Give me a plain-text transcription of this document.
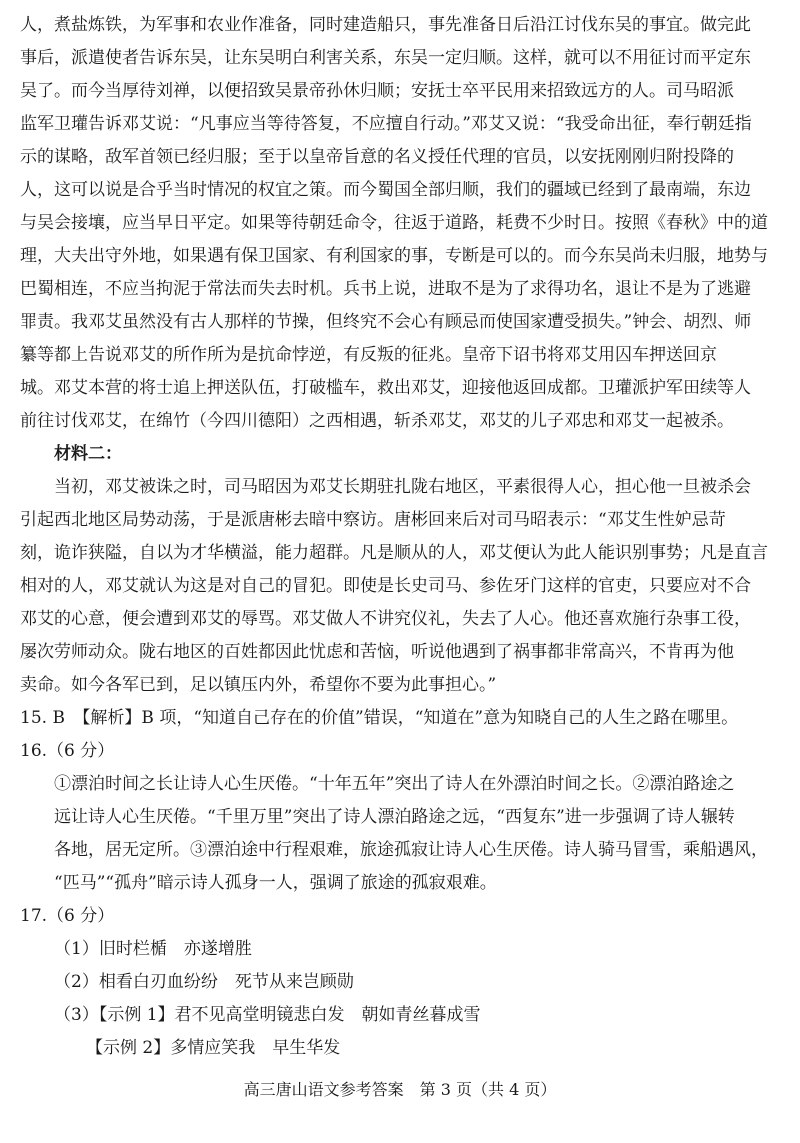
人，煮盐炼铁，为军事和农业作准备，同时建造船只，事先准备日后沿江讨伐东吴的事宜。做完此
事后，派遣使者告诉东吴，让东吴明白利害关系，东吴一定归顺。这样，就可以不用征讨而平定东
吴了。而今当厚待刘禅，以便招致吴景帝孙休归顺；安抚士卒平民用来招致远方的人。司马昭派
监军卫瓘告诉邓艾说：“凡事应当等待答复，不应擅自行动。”邓艾又说：“我受命出征，奉行朝廷指
示的谋略，敌军首领已经归服；至于以皇帝旨意的名义授任代理的官员，以安抚刚刚归附投降的
人，这可以说是合乎当时情况的权宜之策。而今蜀国全部归顺，我们的疆域已经到了最南端，东边
与吴会接壤，应当早日平定。如果等待朝廷命令，往返于道路，耗费不少时日。按照《春秋》中的道
理，大夫出守外地，如果遇有保卫国家、有利国家的事，专断是可以的。而今东吴尚未归服，地势与
巴蜀相连，不应当拘泥于常法而失去时机。兵书上说，进取不是为了求得功名，退让不是为了逃避
罪责。我邓艾虽然没有古人那样的节操，但终究不会心有顾忌而使国家遭受损失。”钟会、胡烈、师
纂等都上告说邓艾的所作所为是抗命悖逆，有反叛的征兆。皇帝下诏书将邓艾用囚车押送回京
城。邓艾本营的将士追上押送队伍，打破槛车，救出邓艾，迎接他返回成都。卫瓘派护军田续等人
前往讨伐邓艾，在绵竹（今四川德阳）之西相遇，斩杀邓艾，邓艾的儿子邓忠和邓艾一起被杀。
材料二：
当初，邓艾被诛之时，司马昭因为邓艾长期驻扎陇右地区，平素很得人心，担心他一旦被杀会
引起西北地区局势动荡，于是派唐彬去暗中察访。唐彬回来后对司马昭表示：“邓艾生性妒忌苛
刻，诡诈狭隘，自以为才华横溢，能力超群。凡是顺从的人，邓艾便认为此人能识别事势；凡是直言
相对的人，邓艾就认为这是对自己的冒犯。即使是长史司马、参佐牙门这样的官吏，只要应对不合
邓艾的心意，便会遭到邓艾的辱骂。邓艾做人不讲究仪礼，失去了人心。他还喜欢施行杂事工役，
屡次劳师动众。陇右地区的百姓都因此忧虑和苦恼，听说他遇到了祸事都非常高兴，不肯再为他
卖命。如今各军已到，足以镇压内外，希望你不要为此事担心。”
15. B　【解析】B 项，“知道自己存在的价值”错误，“知道在”意为知晓自己的人生之路在哪里。
16.（6 分）
①漂泊时间之长让诗人心生厌倦。“十年五年”突出了诗人在外漂泊时间之长。②漂泊路途之
远让诗人心生厌倦。“千里万里”突出了诗人漂泊路途之远，“西复东”进一步强调了诗人辗转
各地，居无定所。③漂泊途中行程艰难，旅途孤寂让诗人心生厌倦。诗人骑马冒雪，乘船遇风，
“匹马”“孤舟”暗示诗人孤身一人，强调了旅途的孤寂艰难。
17.（6 分）
（1）旧时栏楯　亦遂增胜
（2）相看白刃血纷纷　死节从来岂顾勋
（3）【示例 1】君不见高堂明镜悲白发　朝如青丝暮成雪
【示例 2】多情应笑我　早生华发
高三唐山语文参考答案　第 3 页（共 4 页）
